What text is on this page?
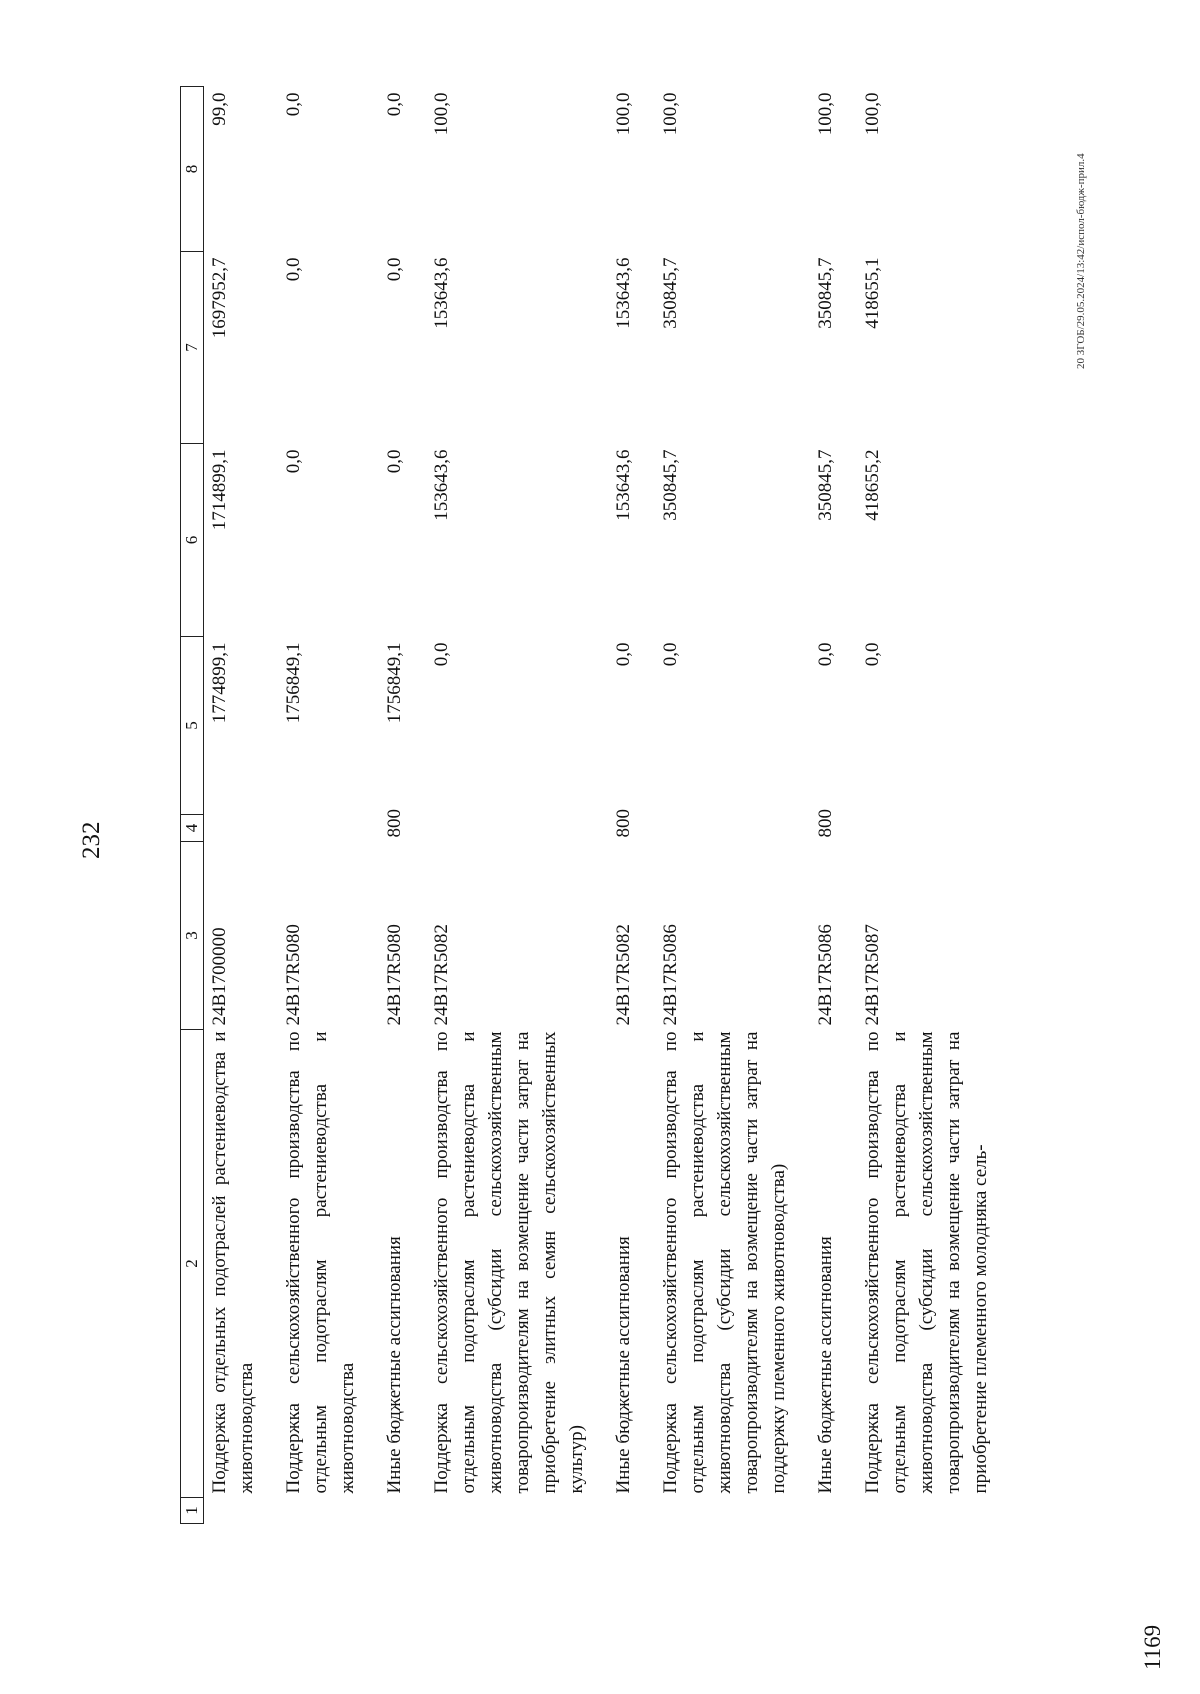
232
1	2	3	4	5	6	7	8
	Поддержка отдельных подотраслей растениеводства и животноводства	24B1700000		1774899,1	1714899,1	1697952,7	99,0
	Поддержка сельскохозяйственного производства по отдельным подотраслям растениеводства и животноводства	24B17R5080		1756849,1	0,0	0,0	0,0
	Иные бюджетные ассигнования	24B17R5080	800	1756849,1	0,0	0,0	0,0
	Поддержка сельскохозяйственного производства по отдельным подотраслям растениеводства и животноводства (субсидии сельскохозяйственным товаропроизводителям на возмещение части затрат на приобретение элитных семян сельскохозяйственных культур)	24B17R5082		0,0	153643,6	153643,6	100,0
	Иные бюджетные ассигнования	24B17R5082	800	0,0	153643,6	153643,6	100,0
	Поддержка сельскохозяйственного производства по отдельным подотраслям растениеводства и животноводства (субсидии сельскохозяйственным товаропроизводителям на возмещение части затрат на поддержку племенного животноводства)	24B17R5086		0,0	350845,7	350845,7	100,0
	Иные бюджетные ассигнования	24B17R5086	800	0,0	350845,7	350845,7	100,0
	Поддержка сельскохозяйственного производства по отдельным подотраслям растениеводства и животноводства (субсидии сельскохозяйственным товаропроизводителям на возмещение части затрат на приобретение племенного молодняка сель-	24B17R5087		0,0	418655,2	418655,1	100,0
20 ЗГОБ/29.05.2024/13:42/испол-бюдж-прил.4
1169
